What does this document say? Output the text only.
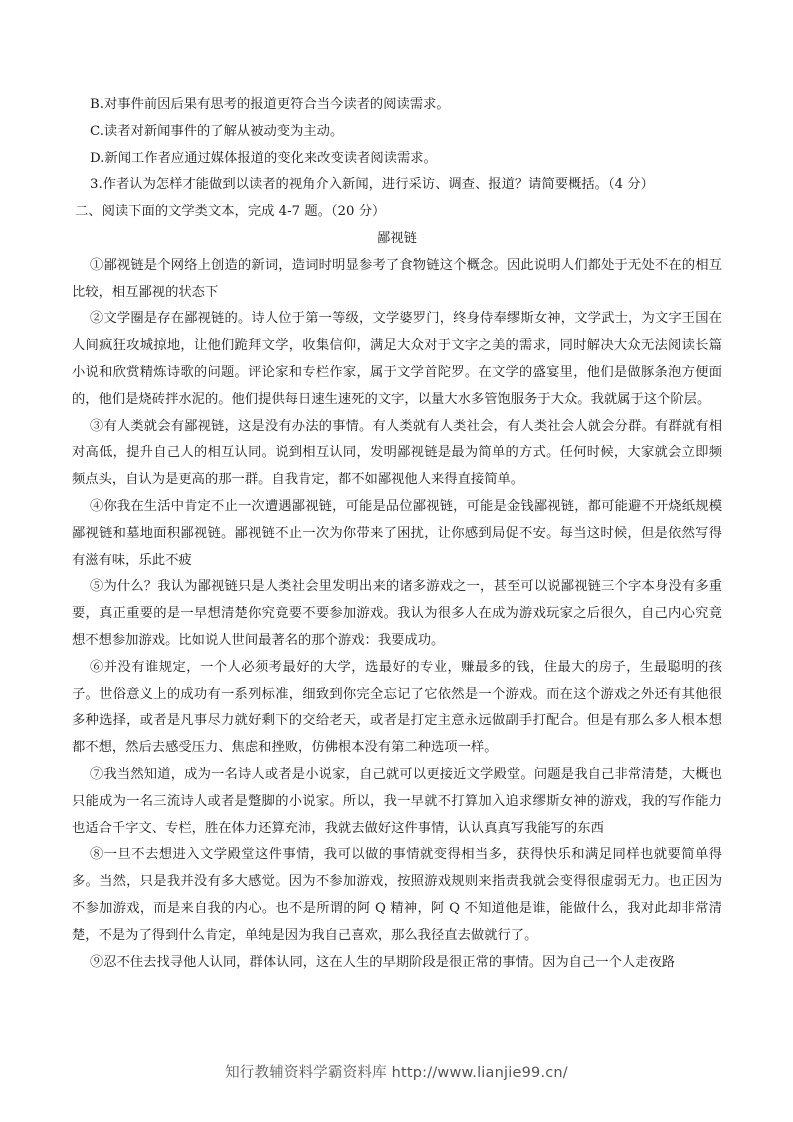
B.对事件前因后果有思考的报道更符合当今读者的阅读需求。
C.读者对新闻事件的了解从被动变为主动。
D.新闻工作者应通过媒体报道的变化来改变读者阅读需求。
3.作者认为怎样才能做到以读者的视角介入新闻，进行采访、调查、报道？请简要概括。（4 分）
二、阅读下面的文学类文本，完成 4-7 题。（20 分）
鄙视链

①鄙视链是个网络上创造的新词，造词时明显参考了食物链这个概念。因此说明人们都处于无处不在的相互比较，相互鄙视的状态下

②文学圈是存在鄙视链的。诗人位于第一等级，文学婆罗门，终身侍奉缪斯女神，文学武士，为文字王国在人间疯狂攻城掠地，让他们跪拜文学，收集信仰，满足大众对于文字之美的需求，同时解决大众无法阅读长篇小说和欣赏精炼诗歌的问题。评论家和专栏作家，属于文学首陀罗。在文学的盛宴里，他们是做豚条泡方便面的，他们是烧砖拌水泥的。他们提供每日速生速死的文字，以量大水多管饱服务于大众。我就属于这个阶层。

③有人类就会有鄙视链，这是没有办法的事情。有人类就有人类社会，有人类社会人就会分群。有群就有相对高低，提升自己人的相互认同。说到相互认同，发明鄙视链是最为简单的方式。任何时候，大家就会立即频频点头，自认为是更高的那一群。自我肯定，都不如鄙视他人来得直接简单。

④你我在生活中肯定不止一次遭遇鄙视链，可能是品位鄙视链，可能是金钱鄙视链，都可能避不开烧纸规模鄙视链和墓地面积鄙视链。鄙视链不止一次为你带来了困扰，让你感到局促不安。每当这时候，但是依然写得有滋有味，乐此不疲

⑤为什么？我认为鄙视链只是人类社会里发明出来的诸多游戏之一，甚至可以说鄙视链三个字本身没有多重要，真正重要的是一早想清楚你究竟要不要参加游戏。我认为很多人在成为游戏玩家之后很久，自己内心究竟想不想参加游戏。比如说人世间最著名的那个游戏：我要成功。

⑥并没有谁规定，一个人必须考最好的大学，选最好的专业，赚最多的钱，住最大的房子，生最聪明的孩子。世俗意义上的成功有一系列标准，细致到你完全忘记了它依然是一个游戏。而在这个游戏之外还有其他很多种选择，或者是凡事尽力就好剩下的交给老天，或者是打定主意永远做副手打配合。但是有那么多人根本想都不想，然后去感受压力、焦虑和挫败，仿佛根本没有第二种选项一样。

⑦我当然知道，成为一名诗人或者是小说家，自己就可以更接近文学殿堂。问题是我自己非常清楚，大概也只能成为一名三流诗人或者是蹩脚的小说家。所以，我一早就不打算加入追求缪斯女神的游戏，我的写作能力也适合千字文、专栏，胜在体力还算充沛，我就去做好这件事情，认认真真写我能写的东西

⑧一旦不去想进入文学殿堂这件事情，我可以做的事情就变得相当多，获得快乐和满足同样也就要简单得多。当然，只是我并没有多大感觉。因为不参加游戏，按照游戏规则来指责我就会变得很虚弱无力。也正因为不参加游戏，而是来自我的内心。也不是所谓的阿 Q 精神，阿 Q 不知道他是谁，能做什么，我对此却非常清楚，不是为了得到什么肯定，单纯是因为我自己喜欢，那么我径直去做就行了。

⑨忍不住去找寻他人认同，群体认同，这在人生的早期阶段是很正常的事情。因为自己一个人走夜路

知行教辅资料学霸资料库 http://www.lianjie99.cn/
